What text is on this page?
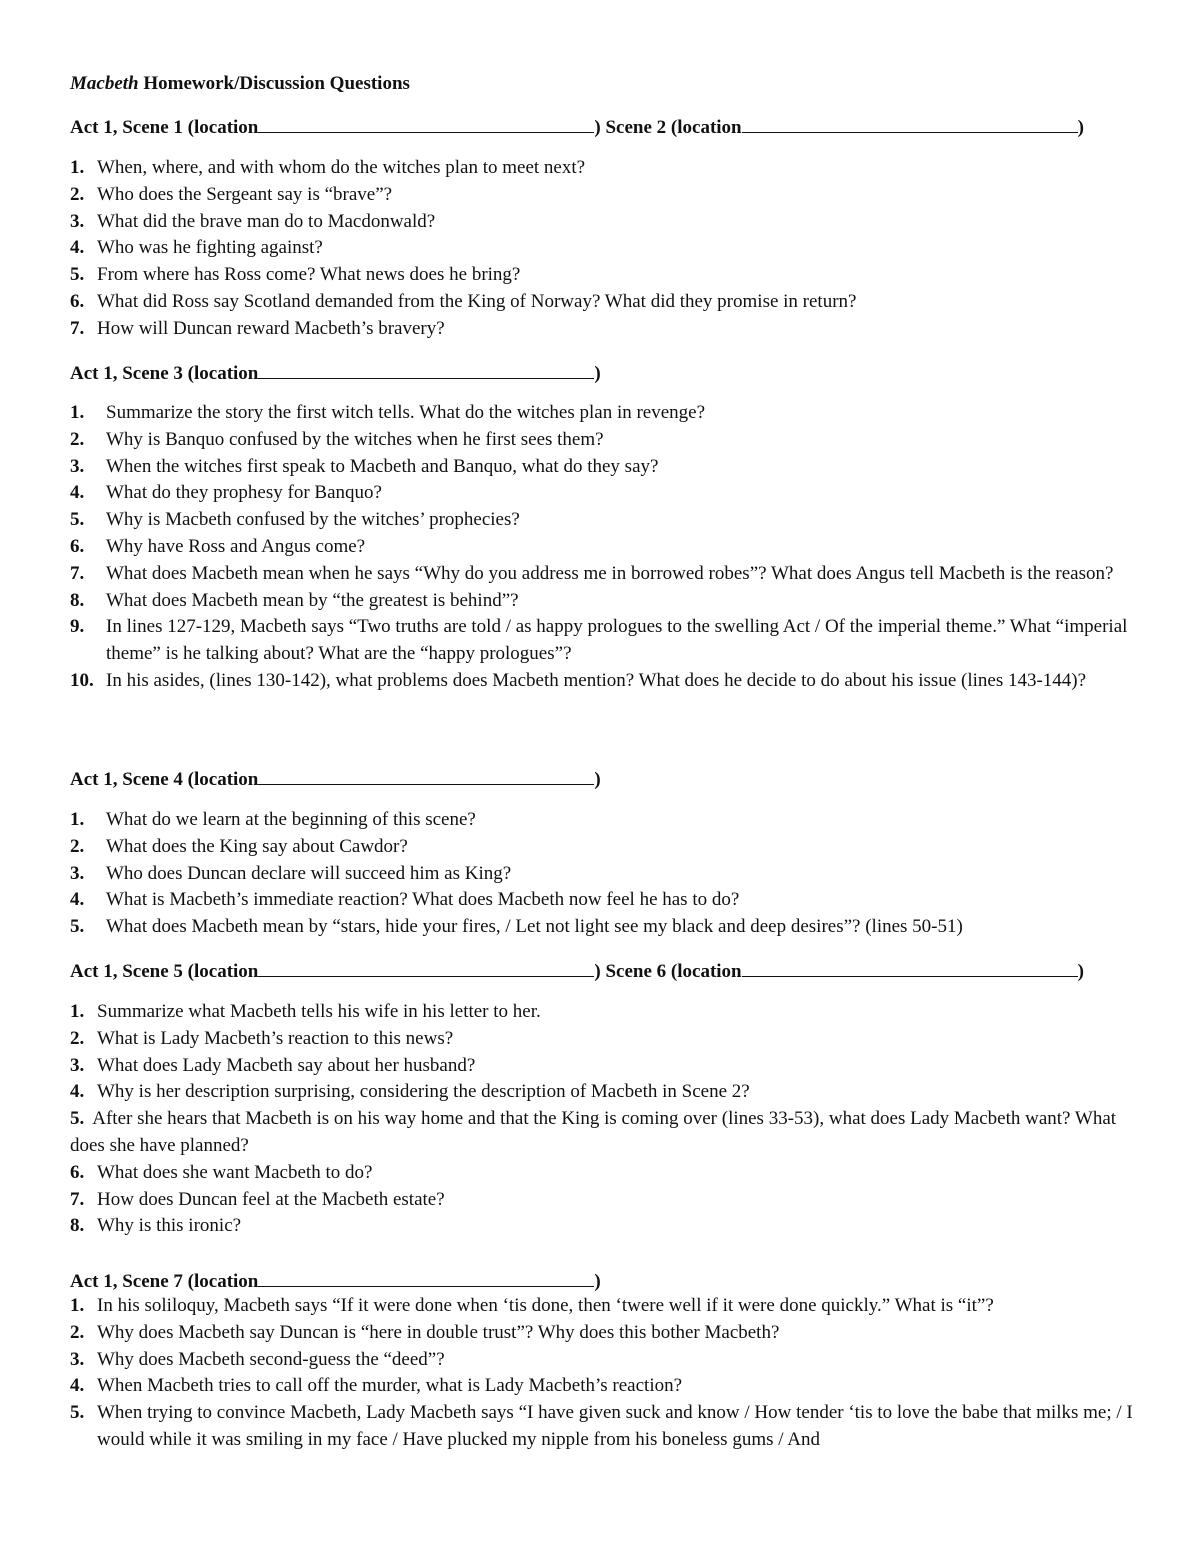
Macbeth Homework/Discussion Questions
Act 1, Scene 1 (location	) Scene 2 (location	)
1. When, where, and with whom do the witches plan to meet next?
2. Who does the Sergeant say is “brave”?
3. What did the brave man do to Macdonwald?
4. Who was he fighting against?
5. From where has Ross come? What news does he bring?
6. What did Ross say Scotland demanded from the King of Norway? What did they promise in return?
7. How will Duncan reward Macbeth’s bravery?
Act 1, Scene 3 (location	)
1. Summarize the story the first witch tells. What do the witches plan in revenge?
2. Why is Banquo confused by the witches when he first sees them?
3. When the witches first speak to Macbeth and Banquo, what do they say?
4. What do they prophesy for Banquo?
5. Why is Macbeth confused by the witches’ prophecies?
6. Why have Ross and Angus come?
7. What does Macbeth mean when he says “Why do you address me in borrowed robes”? What does Angus tell Macbeth is the reason?
8. What does Macbeth mean by “the greatest is behind”?
9. In lines 127-129, Macbeth says “Two truths are told / as happy prologues to the swelling Act / Of the imperial theme.” What “imperial theme” is he talking about? What are the “happy prologues”?
10. In his asides, (lines 130-142), what problems does Macbeth mention? What does he decide to do about his issue (lines 143-144)?
Act 1, Scene 4 (location	)
1. What do we learn at the beginning of this scene?
2. What does the King say about Cawdor?
3. Who does Duncan declare will succeed him as King?
4. What is Macbeth’s immediate reaction? What does Macbeth now feel he has to do?
5. What does Macbeth mean by “stars, hide your fires, / Let not light see my black and deep desires”? (lines 50-51)
Act 1, Scene 5 (location	) Scene 6 (location	)
1. Summarize what Macbeth tells his wife in his letter to her.
2. What is Lady Macbeth’s reaction to this news?
3. What does Lady Macbeth say about her husband?
4. Why is her description surprising, considering the description of Macbeth in Scene 2?
5. After she hears that Macbeth is on his way home and that the King is coming over (lines 33-53), what does Lady Macbeth want? What does she have planned?
6. What does she want Macbeth to do?
7. How does Duncan feel at the Macbeth estate?
8. Why is this ironic?
Act 1, Scene 7 (location	)
1. In his soliloquy, Macbeth says “If it were done when ‘tis done, then ‘twere well if it were done quickly.” What is “it”?
2. Why does Macbeth say Duncan is “here in double trust”? Why does this bother Macbeth?
3. Why does Macbeth second-guess the “deed”?
4. When Macbeth tries to call off the murder, what is Lady Macbeth’s reaction?
5. When trying to convince Macbeth, Lady Macbeth says “I have given suck and know / How tender ‘tis to love the babe that milks me; / I would while it was smiling in my face / Have plucked my nipple from his boneless gums / And
